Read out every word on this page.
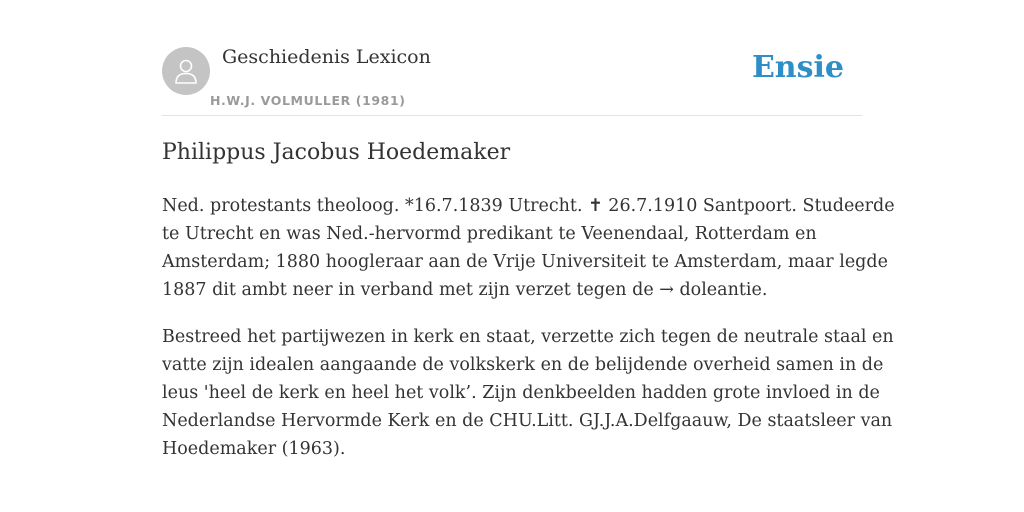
Geschiedenis Lexicon
H.W.J. VOLMULLER (1981)
Ensie
Philippus Jacobus Hoedemaker

Ned. protestants theoloog. *16.7.1839 Utrecht. ✝ 26.7.1910 Santpoort. Studeerde
te Utrecht en was Ned.-hervormd predikant te Veenendaal, Rotterdam en
Amsterdam; 1880 hoogleraar aan de Vrije Universiteit te Amsterdam, maar legde
1887 dit ambt neer in verband met zijn verzet tegen de → doleantie.

Bestreed het partijwezen in kerk en staat, verzette zich tegen de neutrale staal en
vatte zijn idealen aangaande de volkskerk en de belijdende overheid samen in de
leus 'heel de kerk en heel het volk’. Zijn denkbeelden hadden grote invloed in de
Nederlandse Hervormde Kerk en de CHU.Litt. GJ.J.A.Delfgaauw, De staatsleer van
Hoedemaker (1963).
